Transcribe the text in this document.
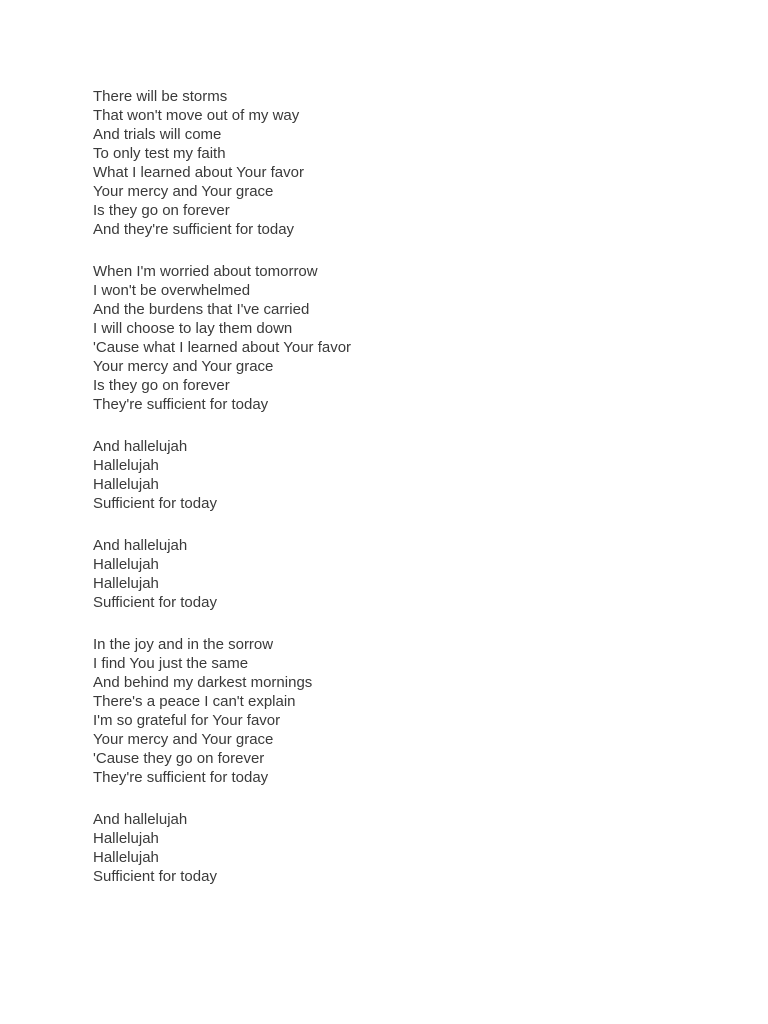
There will be storms
That won't move out of my way
And trials will come
To only test my faith
What I learned about Your favor
Your mercy and Your grace
Is they go on forever
And they're sufficient for today
When I'm worried about tomorrow
I won't be overwhelmed
And the burdens that I've carried
I will choose to lay them down
'Cause what I learned about Your favor
Your mercy and Your grace
Is they go on forever
They're sufficient for today
And hallelujah
Hallelujah
Hallelujah
Sufficient for today
And hallelujah
Hallelujah
Hallelujah
Sufficient for today
In the joy and in the sorrow
I find You just the same
And behind my darkest mornings
There's a peace I can't explain
I'm so grateful for Your favor
Your mercy and Your grace
'Cause they go on forever
They're sufficient for today
And hallelujah
Hallelujah
Hallelujah
Sufficient for today
